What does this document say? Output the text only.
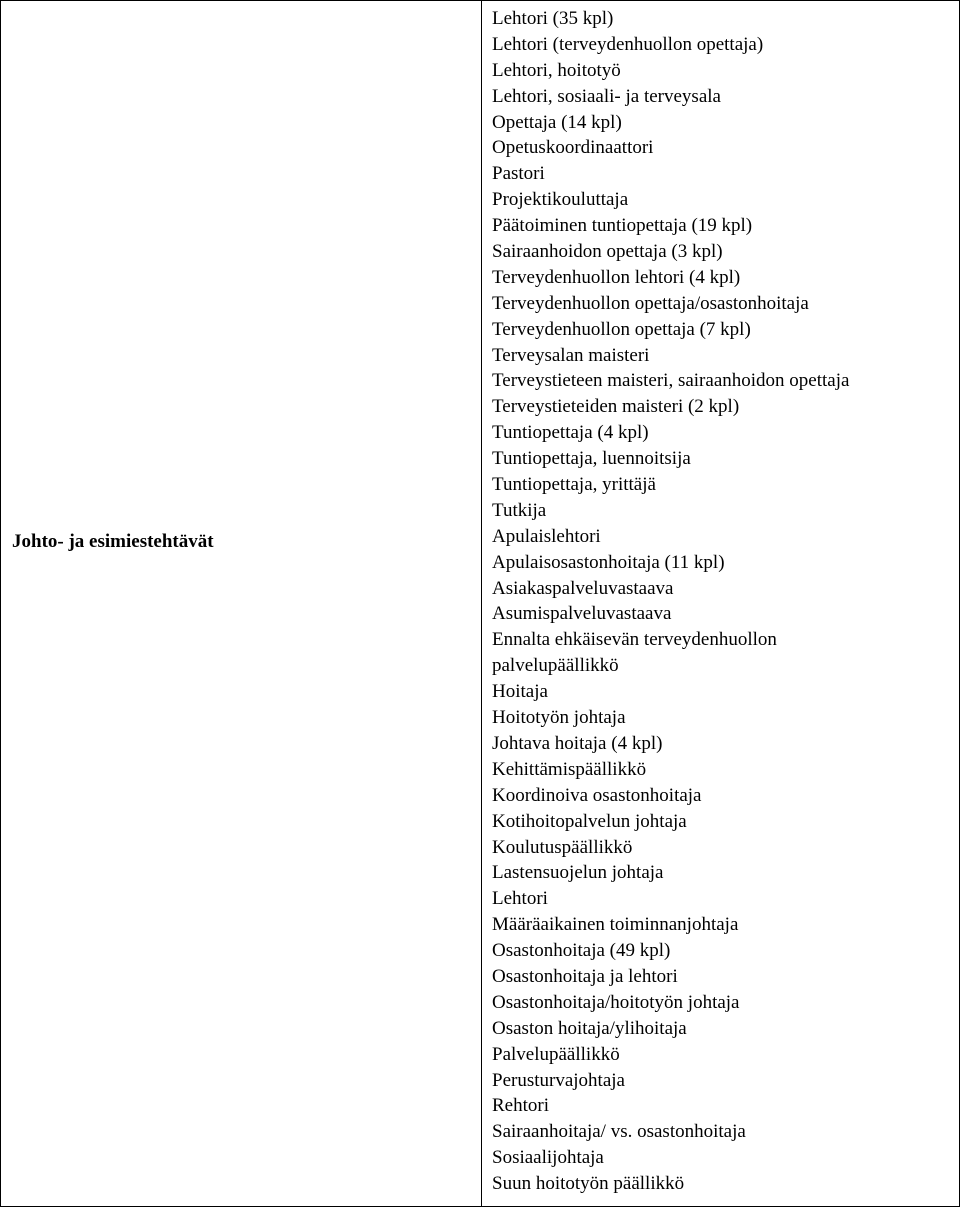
Johto- ja esimiestehtävät
Lehtori (35 kpl)
Lehtori (terveydenhuollon opettaja)
Lehtori, hoitotyö
Lehtori, sosiaali- ja terveysala
Opettaja (14 kpl)
Opetuskoordinaattori
Pastori
Projektikouluttaja
Päätoiminen tuntiopettaja (19 kpl)
Sairaanhoidon opettaja (3 kpl)
Terveydenhuollon lehtori (4 kpl)
Terveydenhuollon opettaja/osastonhoitaja
Terveydenhuollon opettaja (7 kpl)
Terveysalan maisteri
Terveystieteen maisteri, sairaanhoidon opettaja
Terveystieteiden maisteri (2 kpl)
Tuntiopettaja (4 kpl)
Tuntiopettaja, luennoitsija
Tuntiopettaja, yrittäjä
Tutkija
Apulaislehtori
Apulaisosastonhoitaja (11 kpl)
Asiakaspalveluvastaava
Asumispalveluvastaava
Ennalta ehkäisevän terveydenhuollon
palvelupäällikkö
Hoitaja
Hoitotyön johtaja
Johtava hoitaja (4 kpl)
Kehittämispäällikkö
Koordinoiva osastonhoitaja
Kotihoitopalvelun johtaja
Koulutuspäällikkö
Lastensuojelun johtaja
Lehtori
Määräaikainen toiminnanjohtaja
Osastonhoitaja (49 kpl)
Osastonhoitaja ja lehtori
Osastonhoitaja/hoitotyön johtaja
Osaston hoitaja/ylihoitaja
Palvelupäällikkö
Perusturvajohtaja
Rehtori
Sairaanhoitaja/ vs. osastonhoitaja
Sosiaalijohtaja
Suun hoitotyön päällikkö
